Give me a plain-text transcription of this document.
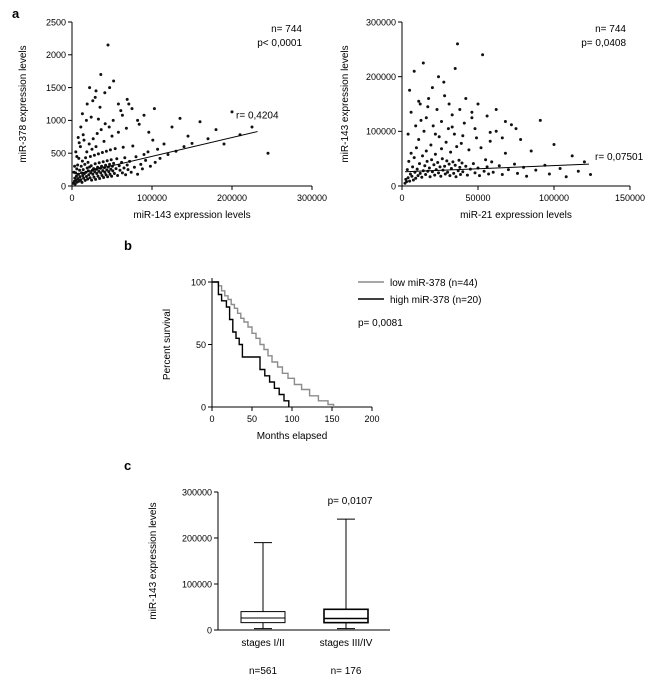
a
b
c
0
500
1000
1500
2000
2500
0	100000	200000	300000
n= 744
p< 0,0001
r= 0,4204
miR-143 expression levels
miR-378 expression levels
0
100000
200000
300000
0	50000	100000	150000
n= 744
p= 0,0408
r= 0,07501
miR-21 expression levels
miR-143 expression levels
0
50
100
0	50	100	150	200
Months elapsed
Percent survival
low miR-378 (n=44)
high miR-378 (n=20)
p= 0,0081
0
100000
200000
300000
stages I/II
n=561
stages III/IV
n= 176
p= 0,0107
miR-143 expression levels
